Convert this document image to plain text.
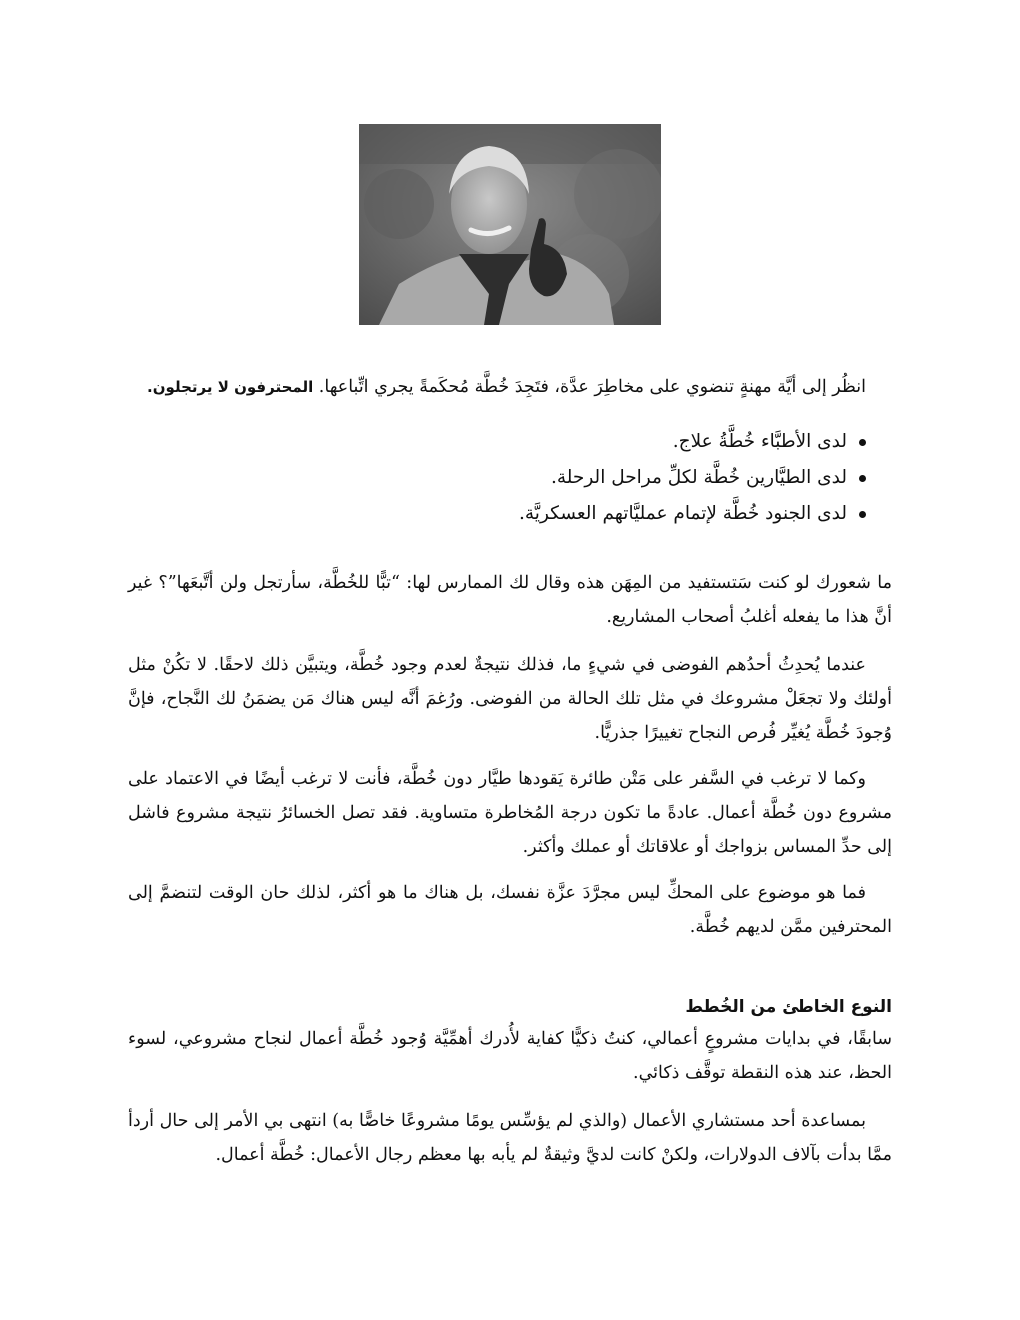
انظُر إلى أيَّة مهنةٍ تنضوي على مخاطِرَ عدَّة، فتَجِدَ خُطَّة مُحكَمةً يجري اتِّباعها. المحترفون لا يرتجلون.
لدى الأطبَّاء خُطَّةُ علاج.
لدى الطيَّارين خُطَّة لكلِّ مراحل الرحلة.
لدى الجنود خُطَّة لإتمام عمليَّاتهم العسكريَّة.

ما شعورك لو كنت سَتستفيد من المِهَن هذه وقال لك الممارس لها: “تبًّا للخُطَّة، سأرتجل ولن أتَّبعَها”؟ غير أنَّ هذا ما يفعله أغلبُ أصحاب المشاريع.

عندما يُحدِثُ أحدُهم الفوضى في شيءٍ ما، فذلك نتيجةٌ لعدم وجود خُطَّة، ويتبيَّن ذلك لاحقًا. لا تكُنْ مثل أولئك ولا تجعَلْ مشروعك في مثل تلك الحالة من الفوضى. ورُغمَ أنَّه ليس هناك مَن يضمَنُ لك النَّجاح، فإنَّ وُجودَ خُطَّة يُغيِّر فُرص النجاح تغييرًا جذريًّا.

وكما لا ترغب في السَّفر على مَتْن طائرة يَقودها طيَّار دون خُطَّة، فأنت لا ترغب أيضًا في الاعتماد على مشروع دون خُطَّة أعمال. عادةً ما تكون درجة المُخاطرة متساوية. فقد تصل الخسائرُ نتيجة مشروع فاشل إلى حدِّ المساس بزواجك أو علاقاتك أو عملك وأكثر.

فما هو موضوع على المحكِّ ليس مجرَّدَ عزَّة نفسك، بل هناك ما هو أكثر، لذلك حان الوقت لتنضمَّ إلى المحترفين ممَّن لديهم خُطَّة.

النوع الخاطئ من الخُطط

سابقًا، في بدايات مشروعٍ أعمالي، كنتُ ذكيًّا كفاية لأُدرك أهمِّيَّة وُجود خُطَّة أعمال لنجاح مشروعي، لسوء الحظ، عند هذه النقطة توقَّف ذكائي.

بمساعدة أحد مستشاري الأعمال (والذي لم يؤسِّس يومًا مشروعًا خاصًّا به) انتهى بي الأمر إلى حال أردأ ممَّا بدأت بآلاف الدولارات، ولكنْ كانت لديَّ وثيقةٌ لم يأبه بها معظم رجال الأعمال: خُطَّة أعمال.
